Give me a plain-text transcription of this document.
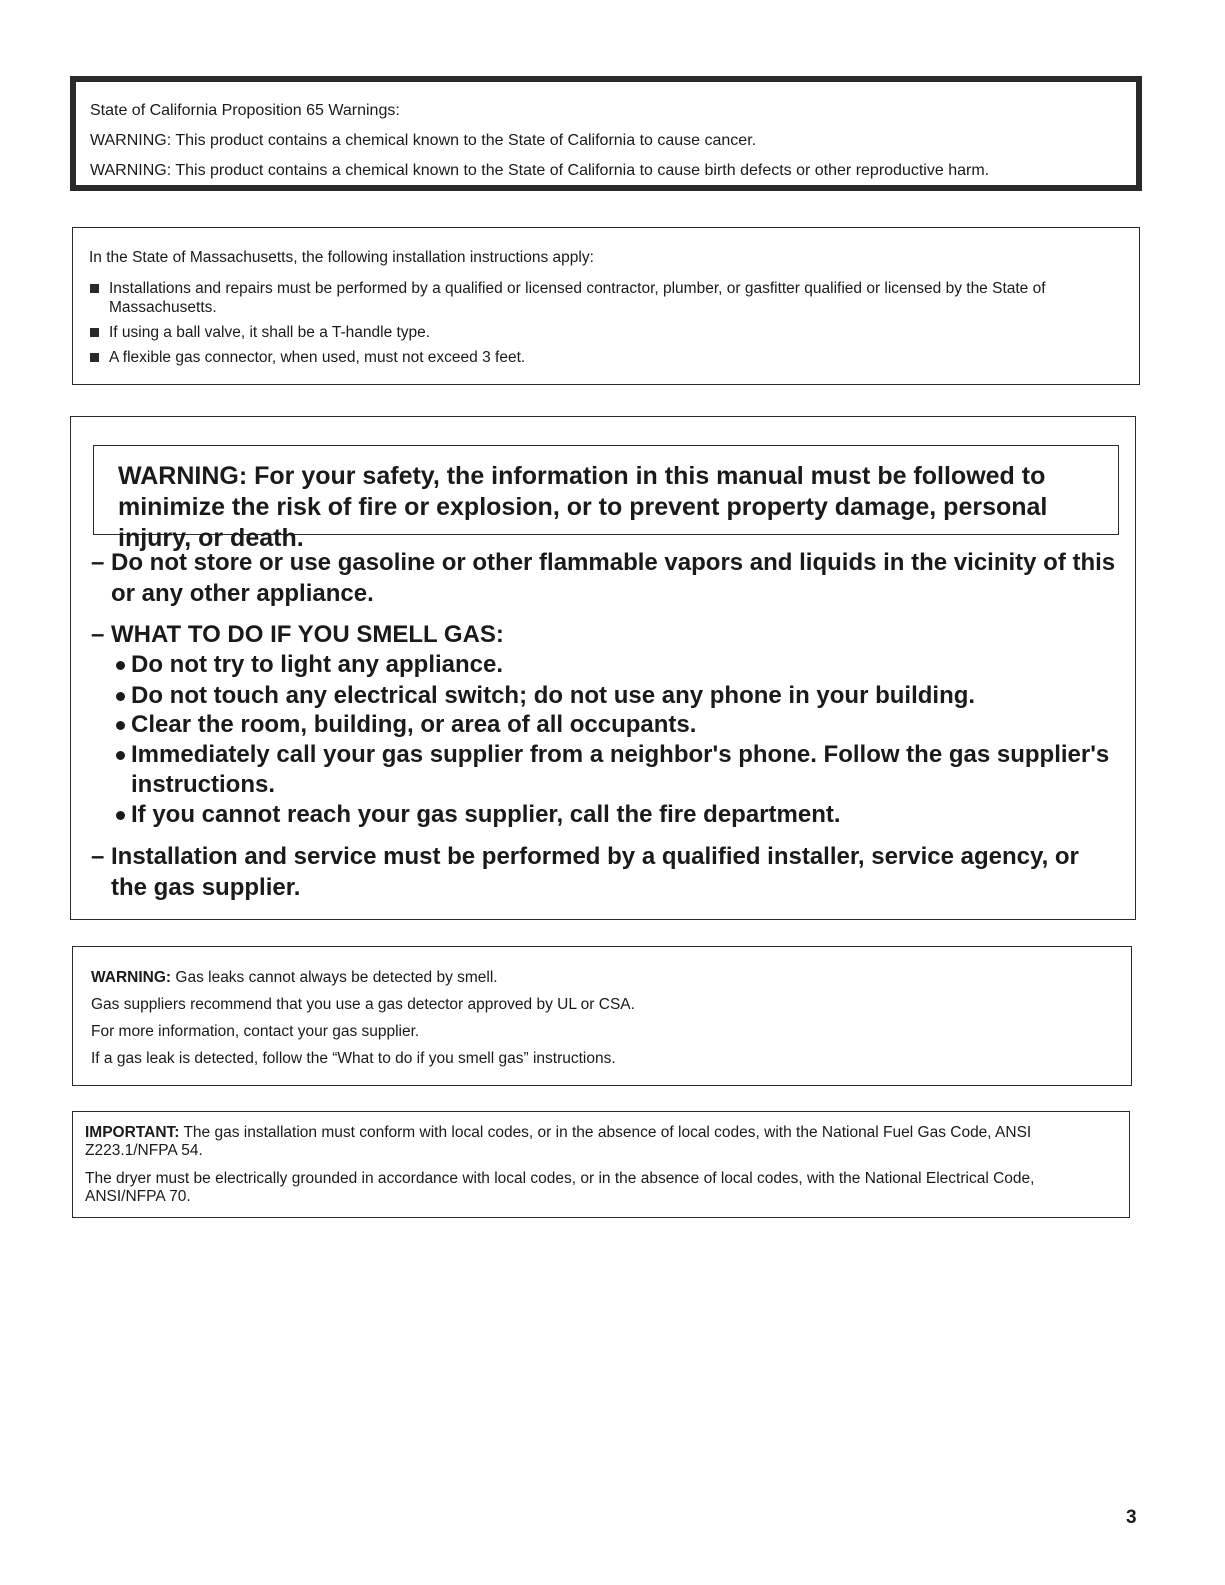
State of California Proposition 65 Warnings:
WARNING: This product contains a chemical known to the State of California to cause cancer.
WARNING: This product contains a chemical known to the State of California to cause birth defects or other reproductive harm.
In the State of Massachusetts, the following installation instructions apply:
Installations and repairs must be performed by a qualified or licensed contractor, plumber, or gasfitter qualified or licensed by the State of Massachusetts.
If using a ball valve, it shall be a T-handle type.
A flexible gas connector, when used, must not exceed 3 feet.
WARNING: For your safety, the information in this manual must be followed to minimize the risk of fire or explosion, or to prevent property damage, personal injury, or death.
– Do not store or use gasoline or other flammable vapors and liquids in the vicinity of this or any other appliance.
– WHAT TO DO IF YOU SMELL GAS:
Do not try to light any appliance.
Do not touch any electrical switch; do not use any phone in your building.
Clear the room, building, or area of all occupants.
Immediately call your gas supplier from a neighbor's phone. Follow the gas supplier's instructions.
If you cannot reach your gas supplier, call the fire department.
– Installation and service must be performed by a qualified installer, service agency, or the gas supplier.
WARNING: Gas leaks cannot always be detected by smell.
Gas suppliers recommend that you use a gas detector approved by UL or CSA.
For more information, contact your gas supplier.
If a gas leak is detected, follow the “What to do if you smell gas” instructions.

IMPORTANT: The gas installation must conform with local codes, or in the absence of local codes, with the National Fuel Gas Code, ANSI Z223.1/NFPA 54.

The dryer must be electrically grounded in accordance with local codes, or in the absence of local codes, with the National Electrical Code, ANSI/NFPA 70.

3
